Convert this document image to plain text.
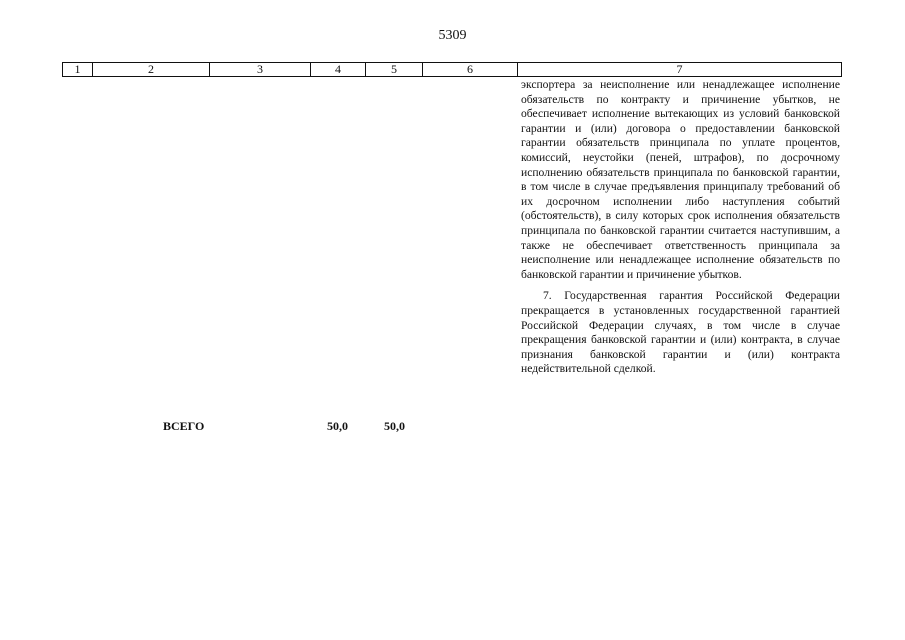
5309
1	2	3	4	5	6	7

экспортера за неисполнение или ненадлежащее исполнение обязательств по контракту и причинение убытков, не обеспечивает исполнение вытекающих из условий банковской гарантии и (или) договора о предоставлении банковской гарантии обязательств принципала по уплате процентов, комиссий, неустойки (пеней, штрафов), по досрочному исполнению обязательств принципала по банковской гарантии, в том числе в случае предъявления принципалу требований об их досрочном исполнении либо наступления событий (обстоятельств), в силу которых срок исполнения обязательств принципала по банковской гарантии считается наступившим, а также не обеспечивает ответственность принципала за неисполнение или ненадлежащее исполнение обязательств по банковской гарантии и причинение убытков.

7. Государственная гарантия Российской Федерации прекращается в установленных государственной гарантией Российской Федерации случаях, в том числе в случае прекращения банковской гарантии и (или) контракта, в случае признания банковской гарантии и (или) контракта недействительной сделкой.

ВСЕГО	50,0	50,0
